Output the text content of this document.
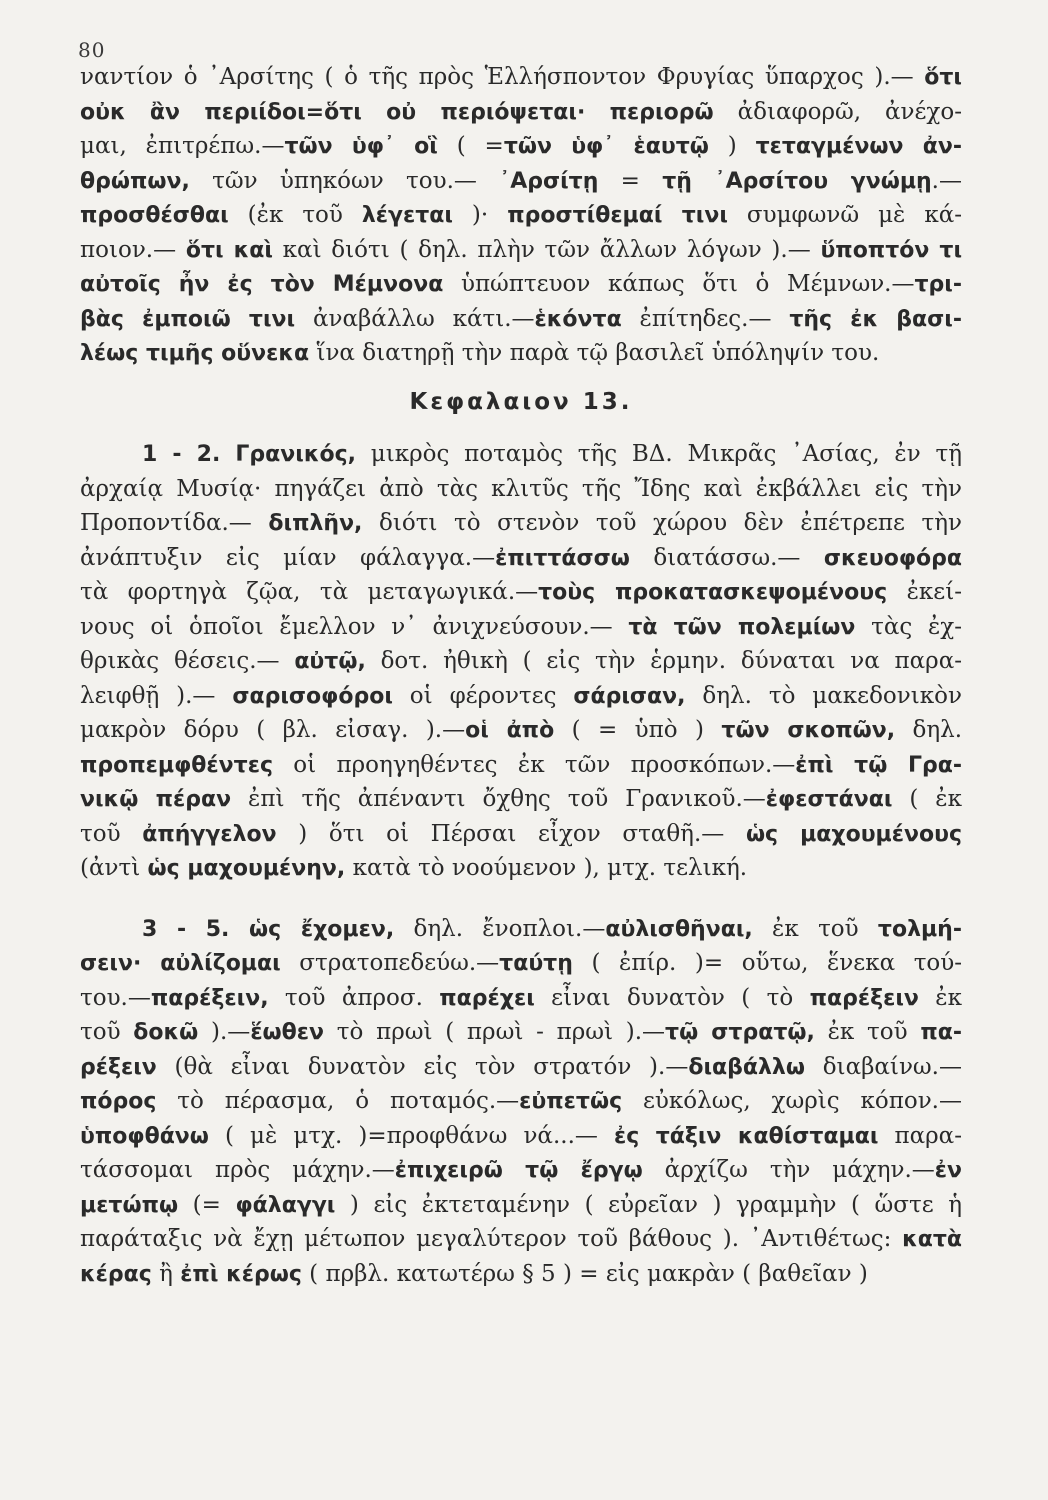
80
ναντίον ὁ ᾿Αρσίτης ( ὁ τῆς πρὸς Ἑλλήσποντον Φρυγίας ὕπαρχος ).— ὅτι
οὐκ ἂν περιίδοι=ὅτι οὐ περιόψεται· περιορῶ ἀδιαφορῶ, ἀνέχο-
μαι, ἐπιτρέπω.—τῶν ὑφ᾿ οἳ ( =τῶν ὑφ᾿ ἑαυτῷ ) τεταγμένων ἀν-
θρώπων, τῶν ὑπηκόων του.— ᾿Αρσίτῃ = τῇ ᾿Αρσίτου γνώμῃ.—
προσθέσθαι (ἐκ τοῦ λέγεται )· προστίθεμαί τινι συμφωνῶ μὲ κά-
ποιον.— ὅτι καὶ καὶ διότι ( δηλ. πλὴν τῶν ἄλλων λόγων ).— ὕποπτόν τι
αὐτοῖς ἦν ἐς τὸν Μέμνονα ὑπώπτευον κάπως ὅτι ὁ Μέμνων.—τρι-
βὰς ἐμποιῶ τινι ἀναβάλλω κάτι.—ἑκόντα ἐπίτηδες.— τῆς ἐκ βασι-
λέως τιμῆς οὕνεκα ἵνα διατηρῇ τὴν παρὰ τῷ βασιλεῖ ὑπόληψίν του.
Κεφαλαιον 13.
1 - 2. Γρανικός, μικρὸς ποταμὸς τῆς ΒΔ. Μικρᾶς ᾿Ασίας, ἐν τῇ
ἀρχαίᾳ Μυσίᾳ· πηγάζει ἀπὸ τὰς κλιτῦς τῆς Ἴδης καὶ ἐκβάλλει εἰς τὴν
Προποντίδα.— διπλῆν, διότι τὸ στενὸν τοῦ χώρου δὲν ἐπέτρεπε τὴν
ἀνάπτυξιν εἰς μίαν φάλαγγα.—ἐπιττάσσω διατάσσω.— σκευοφόρα
τὰ φορτηγὰ ζῷα, τὰ μεταγωγικά.—τοὺς προκατασκεψομένους ἐκεί-
νους οἱ ὁποῖοι ἔμελλον ν᾿ ἀνιχνεύσουν.— τὰ τῶν πολεμίων τὰς ἐχ-
θρικὰς θέσεις.— αὐτῷ, δοτ. ἠθικὴ ( εἰς τὴν ἑρμην. δύναται να παρα-
λειφθῇ ).— σαρισοφόροι οἱ φέροντες σάρισαν, δηλ. τὸ μακεδονικὸν
μακρὸν δόρυ ( βλ. εἰσαγ. ).—οἱ ἀπὸ ( = ὑπὸ ) τῶν σκοπῶν, δηλ.
προπεμφθέντες οἱ προηγηθέντες ἐκ τῶν προσκόπων.—ἐπὶ τῷ Γρα-
νικῷ πέραν ἐπὶ τῆς ἀπέναντι ὄχθης τοῦ Γρανικοῦ.—ἐφεστάναι ( ἐκ
τοῦ ἀπήγγελον ) ὅτι οἱ Πέρσαι εἶχον σταθῆ.— ὡς μαχουμένους
(ἀντὶ ὡς μαχουμένην, κατὰ τὸ νοούμενον ), μτχ. τελική.
3 - 5. ὡς ἔχομεν, δηλ. ἔνοπλοι.—αὐλισθῆναι, ἐκ τοῦ τολμή-
σειν· αὐλίζομαι στρατοπεδεύω.—ταύτῃ ( ἐπίρ. )= οὕτω, ἕνεκα τού-
του.—παρέξειν, τοῦ ἀπροσ. παρέχει εἶναι δυνατὸν ( τὸ παρέξειν ἐκ
τοῦ δοκῶ ).—ἕωθεν τὸ πρωὶ ( πρωὶ - πρωὶ ).—τῷ στρατῷ, ἐκ τοῦ πα-
ρέξειν (θὰ εἶναι δυνατὸν εἰς τὸν στρατόν ).—διαβάλλω διαβαίνω.—
πόρος τὸ πέρασμα, ὁ ποταμός.—εὐπετῶς εὐκόλως, χωρὶς κόπον.—
ὑποφθάνω ( μὲ μτχ. )=προφθάνω νά...— ἐς τάξιν καθίσταμαι παρα-
τάσσομαι πρὸς μάχην.—ἐπιχειρῶ τῷ ἔργῳ ἀρχίζω τὴν μάχην.—ἐν
μετώπῳ (= φάλαγγι ) εἰς ἐκτεταμένην ( εὐρεῖαν ) γραμμὴν ( ὥστε ἡ
παράταξις νὰ ἔχῃ μέτωπον μεγαλύτερον τοῦ βάθους ). ᾿Αντιθέτως: κατὰ
κέρας ἢ ἐπὶ κέρως ( πρβλ. κατωτέρω § 5 ) = εἰς μακρὰν ( βαθεῖαν )
